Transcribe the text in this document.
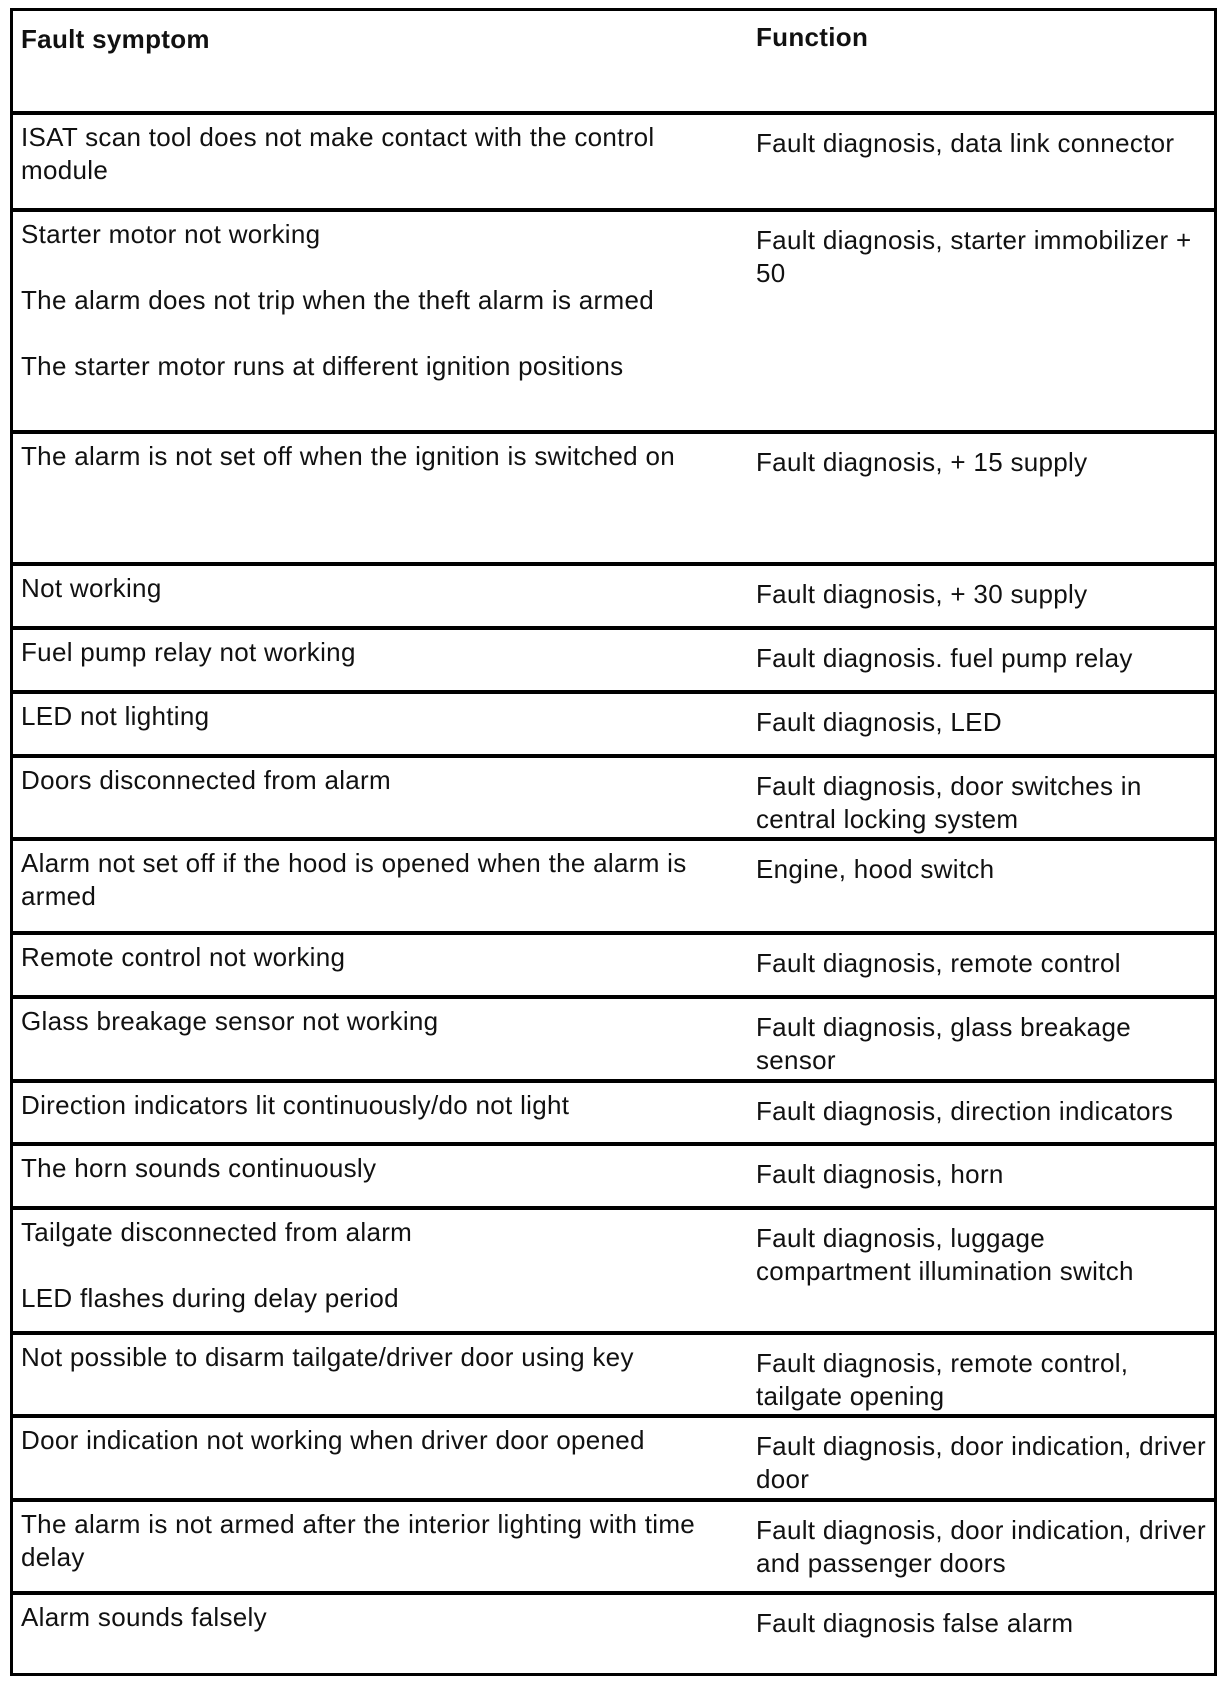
Fault symptom	Function

ISAT scan tool does not make contact with the control module	Fault diagnosis, data link connector

Starter motor not working
The alarm does not trip when the theft alarm is armed
The starter motor runs at different ignition positions	Fault diagnosis, starter immobilizer + 50

The alarm is not set off when the ignition is switched on	Fault diagnosis, + 15 supply

Not working	Fault diagnosis, + 30 supply

Fuel pump relay not working	Fault diagnosis. fuel pump relay

LED not lighting	Fault diagnosis, LED

Doors disconnected from alarm	Fault diagnosis, door switches in central locking system

Alarm not set off if the hood is opened when the alarm is armed	Engine, hood switch

Remote control not working	Fault diagnosis, remote control

Glass breakage sensor not working	Fault diagnosis, glass breakage sensor

Direction indicators lit continuously/do not light	Fault diagnosis, direction indicators

The horn sounds continuously	Fault diagnosis, horn

Tailgate disconnected from alarm
LED flashes during delay period	Fault diagnosis, luggage compartment illumination switch

Not possible to disarm tailgate/driver door using key	Fault diagnosis, remote control, tailgate opening

Door indication not working when driver door opened	Fault diagnosis, door indication, driver door

The alarm is not armed after the interior lighting with time delay	Fault diagnosis, door indication, driver and passenger doors

Alarm sounds falsely	Fault diagnosis false alarm
